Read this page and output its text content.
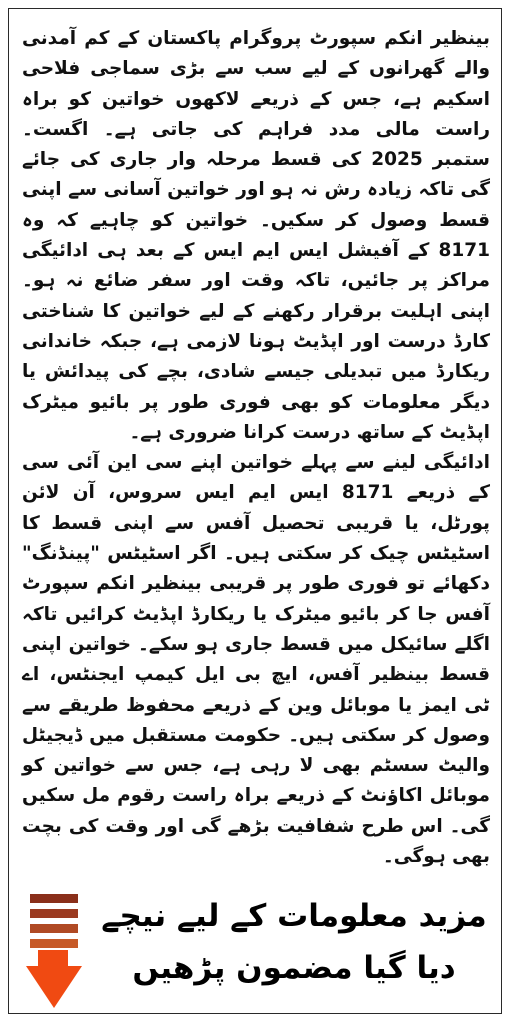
بینظیر انکم سپورٹ پروگرام پاکستان کے کم آمدنی والے گھرانوں کے لیے سب سے بڑی سماجی فلاحی اسکیم ہے، جس کے ذریعے لاکھوں خواتین کو براہ راست مالی مدد فراہم کی جاتی ہے۔ اگست۔ ستمبر 2025 کی قسط مرحلہ وار جاری کی جائے گی تاکہ زیادہ رش نہ ہو اور خواتین آسانی سے اپنی قسط وصول کر سکیں۔ خواتین کو چاہیے کہ وہ 8171 کے آفیشل ایس ایم ایس کے بعد ہی ادائیگی مراکز پر جائیں، تاکہ وقت اور سفر ضائع نہ ہو۔ اپنی اہلیت برقرار رکھنے کے لیے خواتین کا شناختی کارڈ درست اور اپڈیٹ ہونا لازمی ہے، جبکہ خاندانی ریکارڈ میں تبدیلی جیسے شادی، بچے کی پیدائش یا دیگر معلومات کو بھی فوری طور پر بائیو میٹرک اپڈیٹ کے ساتھ درست کرانا ضروری ہے۔

ادائیگی لینے سے پہلے خواتین اپنے سی این آئی سی کے ذریعے 8171 ایس ایم ایس سروس، آن لائن پورٹل، یا قریبی تحصیل آفس سے اپنی قسط کا اسٹیٹس چیک کر سکتی ہیں۔ اگر اسٹیٹس "پینڈنگ" دکھائے تو فوری طور پر قریبی بینظیر انکم سپورٹ آفس جا کر بائیو میٹرک یا ریکارڈ اپڈیٹ کرائیں تاکہ اگلے سائیکل میں قسط جاری ہو سکے۔ خواتین اپنی قسط بینظیر آفس، ایچ بی ایل کیمپ ایجنٹس، اے ٹی ایمز یا موبائل وین کے ذریعے محفوظ طریقے سے وصول کر سکتی ہیں۔ حکومت مستقبل میں ڈیجیٹل والیٹ سسٹم بھی لا رہی ہے، جس سے خواتین کو موبائل اکاؤنٹ کے ذریعے براہ راست رقوم مل سکیں گی۔ اس طرح شفافیت بڑھے گی اور وقت کی بچت بھی ہوگی۔

مزید معلومات کے لیے نیچے
دیا گیا مضمون پڑھیں
